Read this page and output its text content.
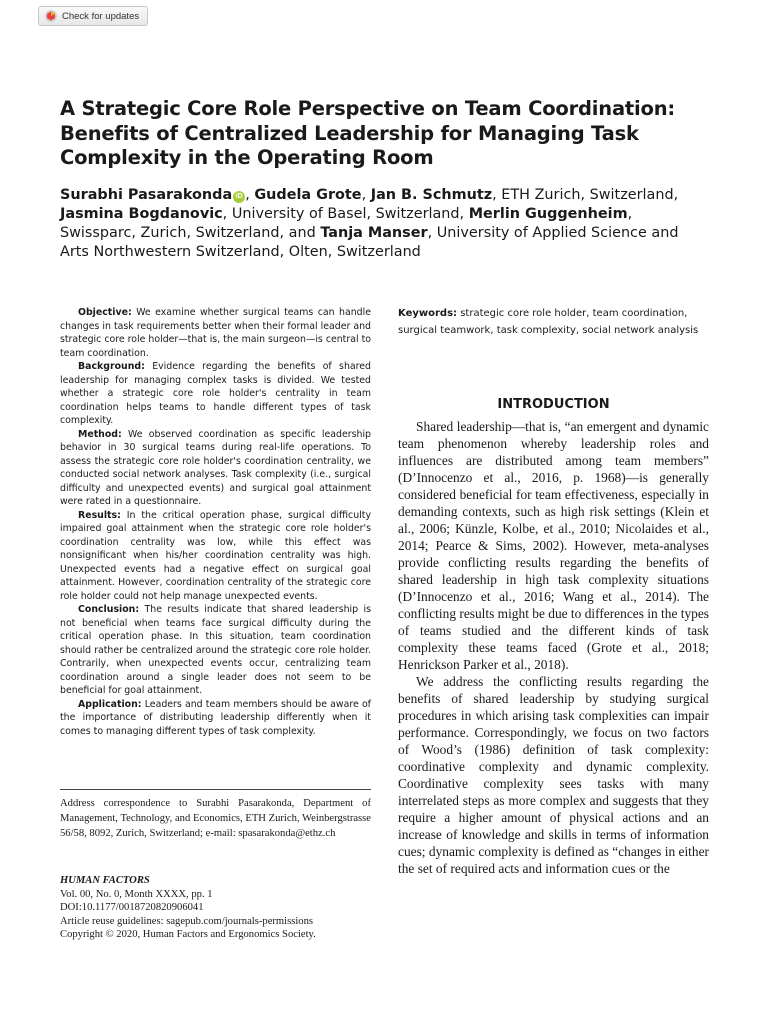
Check for updates
A Strategic Core Role Perspective on Team Coordination:
Benefits of Centralized Leadership for Managing Task
Complexity in the Operating Room
Surabhi Pasarakonda iD , Gudela Grote, Jan B. Schmutz, ETH Zurich, Switzerland,
Jasmina Bogdanovic, University of Basel, Switzerland, Merlin Guggenheim,
Swissparc, Zurich, Switzerland, and Tanja Manser, University of Applied Science and
Arts Northwestern Switzerland, Olten, Switzerland

Objective: We examine whether surgical teams can handle changes in task requirements better when their formal leader and strategic core role holder—that is, the main surgeon—is central to team coordination.

Background: Evidence regarding the benefits of shared leadership for managing complex tasks is divided. We tested whether a strategic core role holder's centrality in team coordination helps teams to handle different types of task complexity.

Method: We observed coordination as specific leadership behavior in 30 surgical teams during real-life operations. To assess the strategic core role holder's coordination centrality, we conducted social network analyses. Task complexity (i.e., surgical difficulty and unexpected events) and surgical goal attainment were rated in a questionnaire.

Results: In the critical operation phase, surgical difficulty impaired goal attainment when the strategic core role holder's coordination centrality was low, while this effect was nonsignificant when his/her coordination centrality was high. Unexpected events had a negative effect on surgical goal attainment. However, coordination centrality of the strategic core role holder could not help manage unexpected events.

Conclusion: The results indicate that shared leadership is not beneficial when teams face surgical difficulty during the critical operation phase. In this situation, team coordination should rather be centralized around the strategic core role holder. Contrarily, when unexpected events occur, centralizing team coordination around a single leader does not seem to be beneficial for goal attainment.

Application: Leaders and team members should be aware of the importance of distributing leadership differently when it comes to managing different types of task complexity.

Address correspondence to Surabhi Pasarakonda, Department of Management, Technology, and Economics, ETH Zurich, Weinbergstrasse 56/58, 8092, Zurich, Switzerland; e-mail: spasarakonda@ethz.ch

HUMAN FACTORS
Vol. 00, No. 0, Month XXXX, pp. 1
DOI:10.1177/0018720820906041
Article reuse guidelines: sagepub.com/journals-permissions
Copyright © 2020, Human Factors and Ergonomics Society.

Keywords: strategic core role holder, team coordination, surgical teamwork, task complexity, social network analysis

INTRODUCTION

Shared leadership—that is, “an emergent and dynamic team phenomenon whereby leadership roles and influences are distributed among team members” (D’Innocenzo et al., 2016, p. 1968)—is generally considered beneficial for team effectiveness, especially in demanding contexts, such as high risk settings (Klein et al., 2006; Künzle, Kolbe, et al., 2010; Nicolaides et al., 2014; Pearce & Sims, 2002). However, meta-analyses provide conflicting results regarding the benefits of shared leadership in high task complexity situations (D’Innocenzo et al., 2016; Wang et al., 2014). The conflicting results might be due to differences in the types of teams studied and the different kinds of task complexity these teams faced (Grote et al., 2018; Henrickson Parker et al., 2018).

We address the conflicting results regarding the benefits of shared leadership by studying surgical procedures in which arising task complexities can impair performance. Correspondingly, we focus on two factors of Wood’s (1986) definition of task complexity: coordinative complexity and dynamic complexity. Coordinative complexity sees tasks with many interrelated steps as more complex and suggests that they require a higher amount of physical actions and an increase of knowledge and skills in terms of information cues; dynamic complexity is defined as “changes in either the set of required acts and information cues or the
